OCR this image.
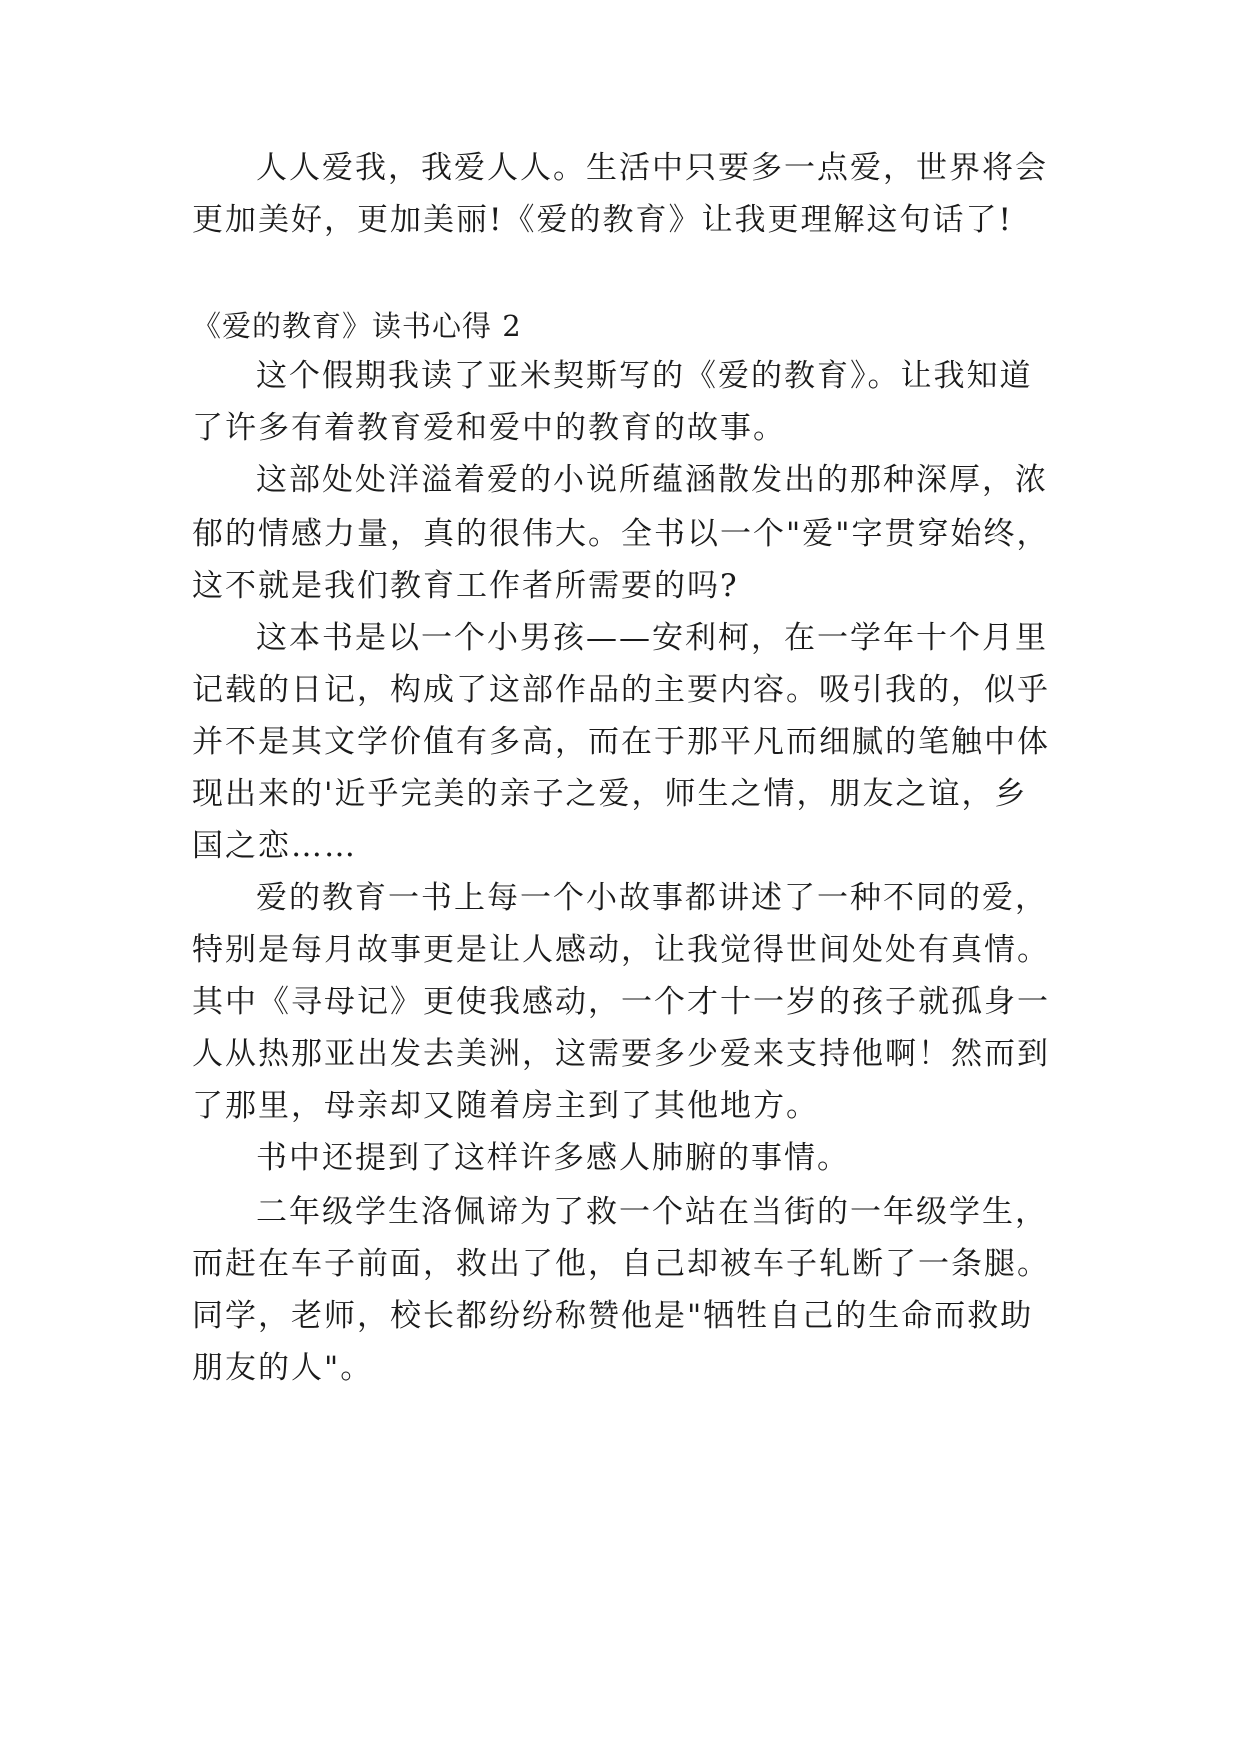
人人爱我，我爱人人。生活中只要多一点爱，世界将会
更加美好，更加美丽!《爱的教育》让我更理解这句话了!
《爱的教育》读书心得 2
这个假期我读了亚米契斯写的《爱的教育》。让我知道
了许多有着教育爱和爱中的教育的故事。
这部处处洋溢着爱的小说所蕴涵散发出的那种深厚，浓
郁的情感力量，真的很伟大。全书以一个"爱"字贯穿始终，
这不就是我们教育工作者所需要的吗?
这本书是以一个小男孩——安利柯，在一学年十个月里
记载的日记，构成了这部作品的主要内容。吸引我的，似乎
并不是其文学价值有多高，而在于那平凡而细腻的笔触中体
现出来的'近乎完美的亲子之爱，师生之情，朋友之谊，乡
国之恋……
爱的教育一书上每一个小故事都讲述了一种不同的爱，
特别是每月故事更是让人感动，让我觉得世间处处有真情。
其中《寻母记》更使我感动，一个才十一岁的孩子就孤身一
人从热那亚出发去美洲，这需要多少爱来支持他啊！然而到
了那里，母亲却又随着房主到了其他地方。
书中还提到了这样许多感人肺腑的事情。
二年级学生洛佩谛为了救一个站在当街的一年级学生，
而赶在车子前面，救出了他，自己却被车子轧断了一条腿。
同学，老师，校长都纷纷称赞他是"牺牲自己的生命而救助
朋友的人"。
